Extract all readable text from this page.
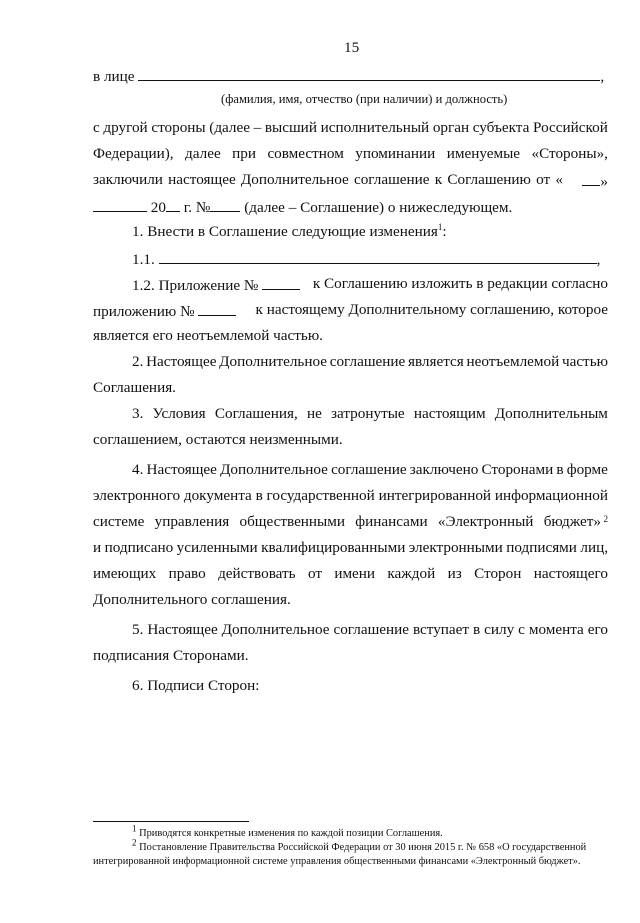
15
в лице	,
(фамилия, имя, отчество (при наличии) и должность)
с другой стороны (далее – высший исполнительный орган субъекта Российской
Федерации), далее при совместном упоминании именуемые «Стороны»,
заключили настоящее Дополнительное соглашение к Соглашению от «	»
20 г. № (далее – Соглашение) о нижеследующем.
1. Внести в Соглашение следующие изменения$^1$:
1.1.	,
1.2. Приложение №	к Соглашению изложить в редакции согласно
приложению №	к настоящему Дополнительному соглашению, которое
является его неотъемлемой частью.
2. Настоящее Дополнительное соглашение является неотъемлемой частью
Соглашения.
3. Условия Соглашения, не затронутые настоящим Дополнительным
соглашением, остаются неизменными.
4. Настоящее Дополнительное соглашение заключено Сторонами в форме
электронного документа в государственной интегрированной информационной
системе управления общественными финансами «Электронный бюджет» 2
и подписано усиленными квалифицированными электронными подписями лиц,
имеющих право действовать от имени каждой из Сторон настоящего
Дополнительного соглашения.
5. Настоящее Дополнительное соглашение вступает в силу с момента его
подписания Сторонами.
6. Подписи Сторон:
$^1$ Приводятся конкретные изменения по каждой позиции Соглашения.
$^2$ Постановление Правительства Российской Федерации от 30 июня 2015 г. № 658 «О государственной
интегрированной информационной системе управления общественными финансами «Электронный бюджет».
